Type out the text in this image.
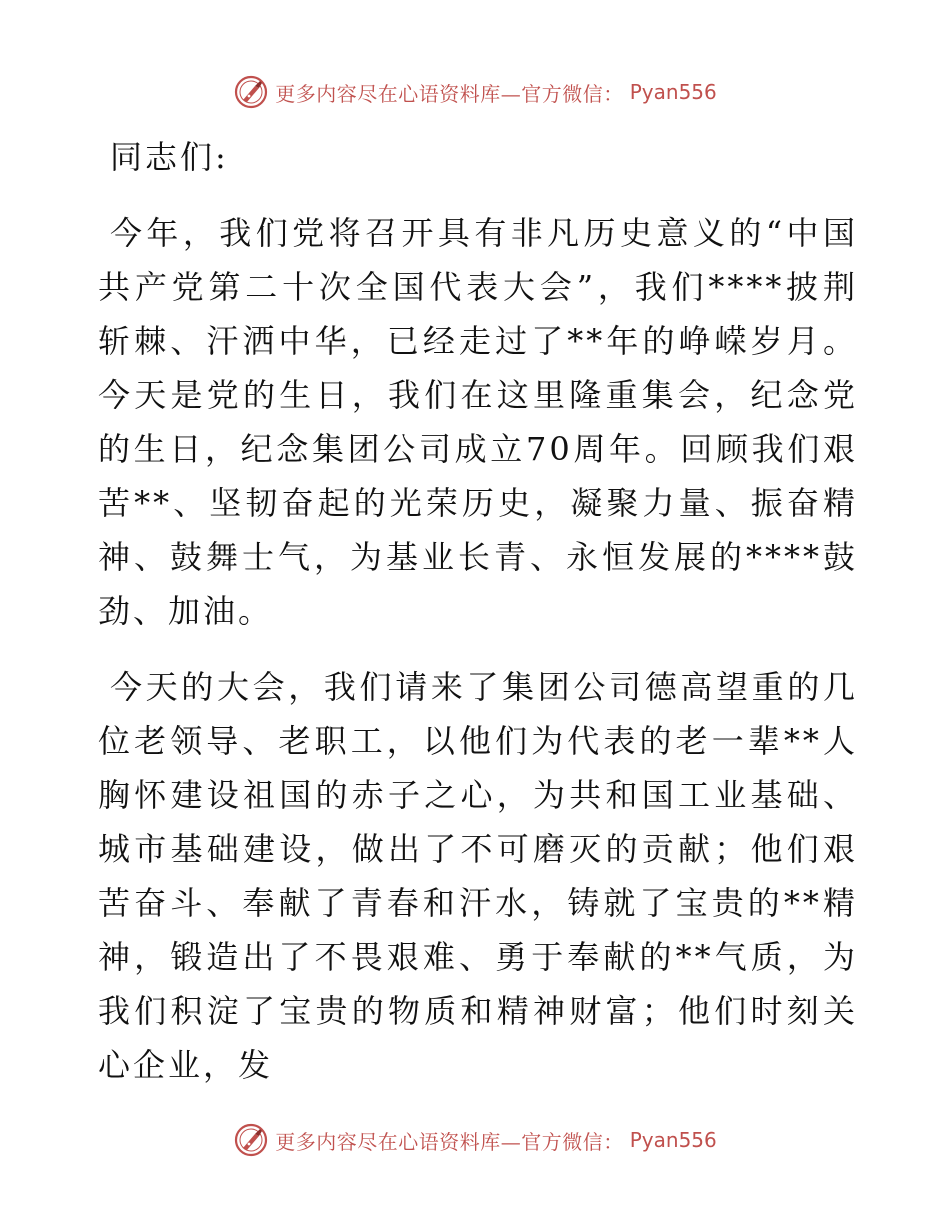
更多内容尽在心语资料库—官方微信： Pyan556
同志们:

今年，我们党将召开具有非凡历史意义的“中国共产党第二十次全国代表大会”，我们****披荆斩棘、汗洒中华，已经走过了**年的峥嵘岁月。今天是党的生日，我们在这里隆重集会，纪念党的生日，纪念集团公司成立70周年。回顾我们艰苦**、坚韧奋起的光荣历史，凝聚力量、振奋精神、鼓舞士气，为基业长青、永恒发展的****鼓劲、加油。

今天的大会，我们请来了集团公司德高望重的几位老领导、老职工，以他们为代表的老一辈**人胸怀建设祖国的赤子之心，为共和国工业基础、城市基础建设，做出了不可磨灭的贡献；他们艰苦奋斗、奉献了青春和汗水，铸就了宝贵的**精神，锻造出了不畏艰难、勇于奉献的**气质，为我们积淀了宝贵的物质和精神财富；他们时刻关心企业，发

更多内容尽在心语资料库—官方微信： Pyan556
